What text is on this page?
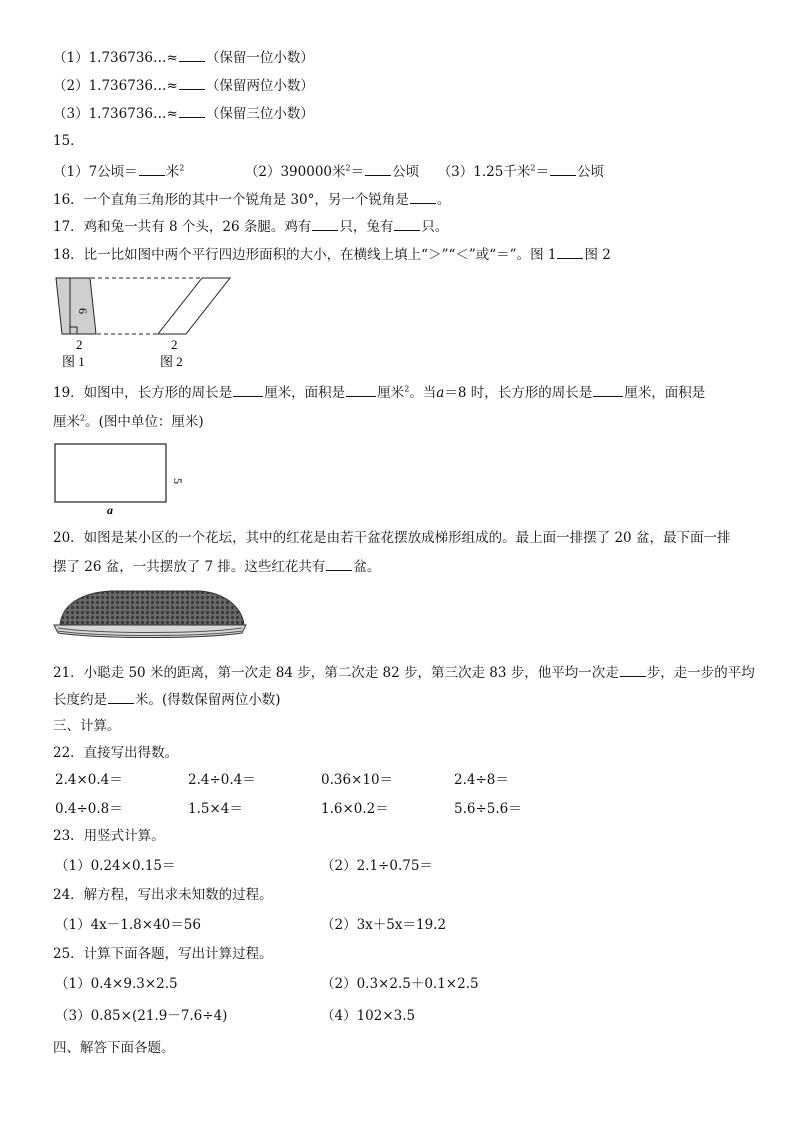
（1）1.736736…≈ （保留一位小数）
（2）1.736736…≈ （保留两位小数）
（3）1.736736…≈ （保留三位小数）
15．
（1）7公顷＝ 米$^2$	（2）390000米$^2$＝ 公顷 （3）1.25千米$^2$＝ 公顷
16．一个直角三角形的其中一个锐角是 30°，另一个锐角是 。
17．鸡和兔一共有 8 个头，26 条腿。鸡有 只，兔有 只。
18．比一比如图中两个平行四边形面积的大小，在横线上填上“＞”“＜”或“＝”。图 1 图 2
6
2	2
图 1	图 2
19．如图中，长方形的周长是 厘米，面积是 厘米$^2$。当a＝8 时，长方形的周长是 厘米，面积是
厘米$^2$。(图中单位：厘米)
5
a
20．如图是某小区的一个花坛，其中的红花是由若干盆花摆放成梯形组成的。最上面一排摆了 20 盆，最下面一排
摆了 26 盆，一共摆放了 7 排。这些红花共有 盆。
21．小聪走 50 米的距离，第一次走 84 步，第二次走 82 步，第三次走 83 步，他平均一次走 步，走一步的平均
长度约是 米。(得数保留两位小数)
三、计算。
22．直接写出得数。
2.4×0.4＝	2.4÷0.4＝	0.36×10＝	2.4÷8＝
0.4÷0.8＝	1.5×4＝	1.6×0.2＝	5.6÷5.6＝
23．用竖式计算。
（1）0.24×0.15＝	（2）2.1÷0.75＝
24．解方程，写出求未知数的过程。
（1）4x－1.8×40＝56	（2）3x＋5x＝19.2
25．计算下面各题，写出计算过程。
（1）0.4×9.3×2.5	（2）0.3×2.5＋0.1×2.5
（3）0.85×(21.9－7.6÷4)	（4）102×3.5
四、解答下面各题。
